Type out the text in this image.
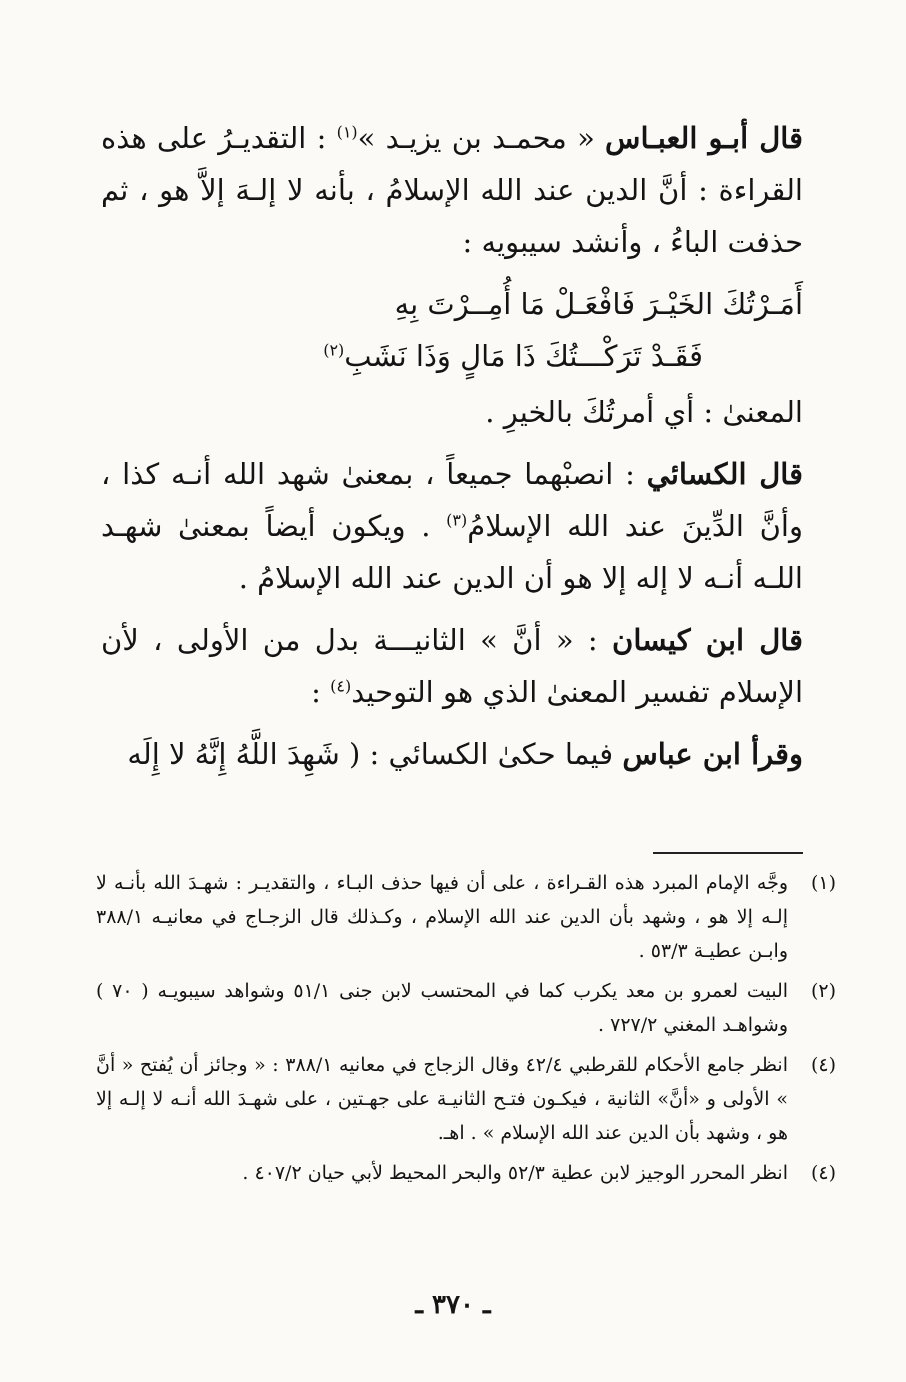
قال أبـو العبـاس « محمـد بن يزيـد »$^{(١)}$ : التقديـرُ على هذه القراءة : أنَّ الدين عند الله الإسلامُ ، بأنه لا إلـهَ إلاَّ هو ، ثم حذفت الباءُ ، وأنشد سيبويه :

أَمَـرْتُكَ الخَيْـرَ فَافْعَـلْ مَا أُمِــرْتَ بِهِ
فَقَـدْ تَرَكْـــتُكَ ذَا مَالٍ وَذَا نَشَبِ$^{(٢)}$

المعنىٰ : أي أمرتُكَ بالخيرِ .

قال الكسائي : انصبْهما جميعاً ، بمعنىٰ شهد الله أنـه كذا ، وأنَّ الدِّينَ عند الله الإسلامُ$^{(٣)}$ . ويكون أيضاً بمعنىٰ شهـد اللـه أنـه لا إله إلا هو أن الدين عند الله الإسلامُ .

قال ابن كيسان : « أنَّ » الثانيـــة بدل من الأولى ، لأن الإسلام تفسير المعنىٰ الذي هو التوحيد$^{(٤)}$ :

وقرأ ابن عباس فيما حكىٰ الكسائي : ( شَهِدَ اللَّهُ إِنَّهُ لا إِلَه

(١)
وجَّه الإمام المبرد هذه القـراءة ، على أن فيها حذف البـاء ، والتقديـر : شهـدَ الله بأنـه لا إلـه إلا هو ، وشهد بأن الدين عند الله الإسلام ، وكـذلك قال الزجـاج في معانيـه ٣٨٨/١ وابـن عطيـة ٥٣/٣ .
(٢)
البيت لعمرو بن معد يكرب كما في المحتسب لابن جنى ٥١/١ وشواهد سيبويـه ( ٧٠ ) وشواهـد المغني ٧٢٧/٢ .
(٤)
انظر جامع الأحكام للقرطبي ٤٢/٤ وقال الزجاج في معانيه ٣٨٨/١ : « وجائز أن يُفتح « أنَّ » الأولى و «أنَّ» الثانية ، فيكـون فتـح الثانيـة على جهـتين ، على شهـدَ الله أنـه لا إلـه إلا هو ، وشهد بأن الدين عند الله الإسلام » . اهـ.
(٤)
انظر المحرر الوجيز لابن عطية ٥٢/٣ والبحر المحيط لأبي حيان ٤٠٧/٢ .
ـ ٣٧٠ ـ
